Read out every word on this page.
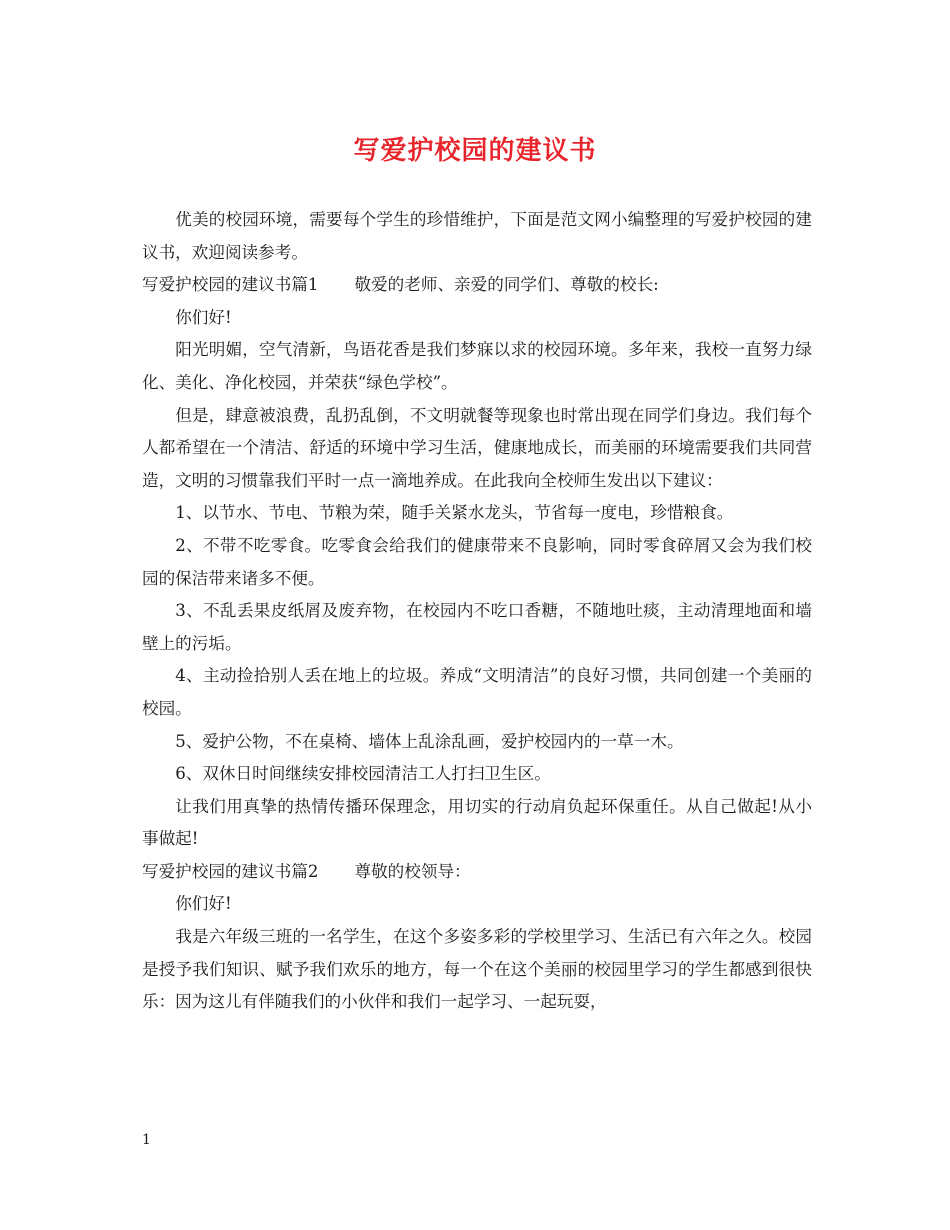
写爱护校园的建议书

优美的校园环境，需要每个学生的珍惜维护，下面是范文网小编整理的写爱护校园的建议书，欢迎阅读参考。

写爱护校园的建议书篇1 敬爱的老师、亲爱的同学们、尊敬的校长:

你们好!

阳光明媚，空气清新，鸟语花香是我们梦寐以求的校园环境。多年来，我校一直努力绿化、美化、净化校园，并荣获“绿色学校”。

但是，肆意被浪费，乱扔乱倒，不文明就餐等现象也时常出现在同学们身边。我们每个人都希望在一个清洁、舒适的环境中学习生活，健康地成长，而美丽的环境需要我们共同营造，文明的习惯靠我们平时一点一滴地养成。在此我向全校师生发出以下建议：

1、以节水、节电、节粮为荣，随手关紧水龙头，节省每一度电，珍惜粮食。

2、不带不吃零食。吃零食会给我们的健康带来不良影响，同时零食碎屑又会为我们校园的保洁带来诸多不便。

3、不乱丢果皮纸屑及废弃物，在校园内不吃口香糖，不随地吐痰，主动清理地面和墙壁上的污垢。

4、主动捡拾别人丢在地上的垃圾。养成“文明清洁”的良好习惯，共同创建一个美丽的校园。

5、爱护公物，不在桌椅、墙体上乱涂乱画，爱护校园内的一草一木。

6、双休日时间继续安排校园清洁工人打扫卫生区。

让我们用真挚的热情传播环保理念，用切实的行动肩负起环保重任。从自己做起!从小事做起!

写爱护校园的建议书篇2 尊敬的校领导：

你们好!

我是六年级三班的一名学生，在这个多姿多彩的学校里学习、生活已有六年之久。校园是授予我们知识、赋予我们欢乐的地方，每一个在这个美丽的校园里学习的学生都感到很快乐：因为这儿有伴随我们的小伙伴和我们一起学习、一起玩耍，

1
